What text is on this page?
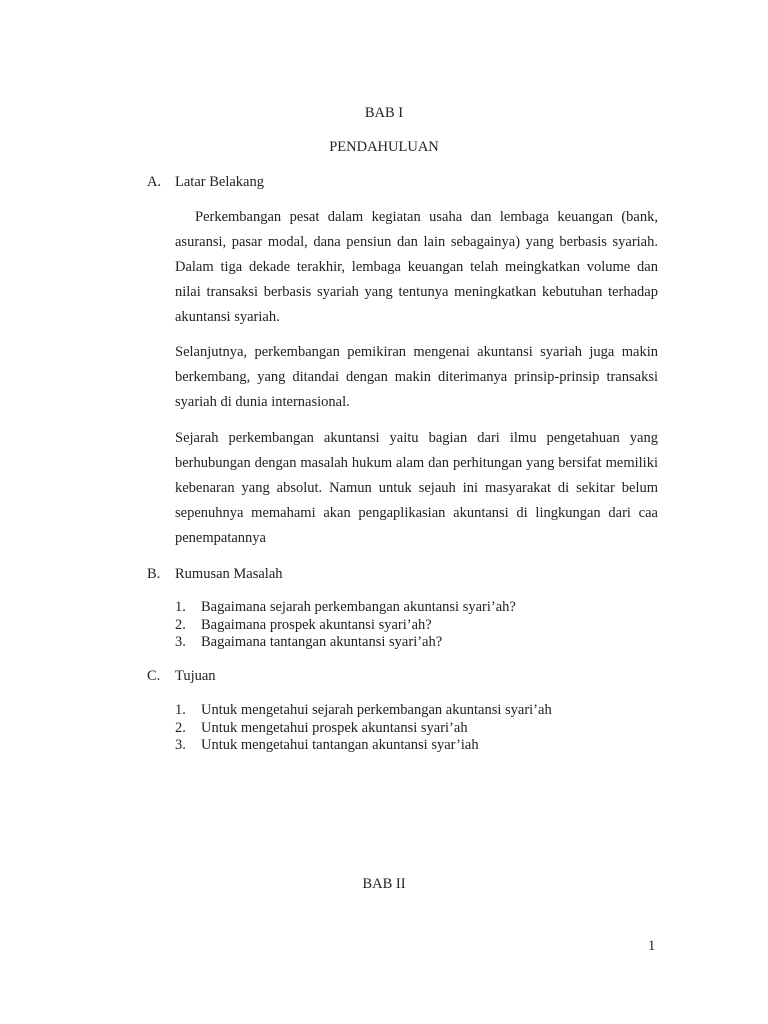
BAB I
PENDAHULUAN
A. Latar Belakang

Perkembangan pesat dalam kegiatan usaha dan lembaga keuangan (bank, asuransi, pasar modal, dana pensiun dan lain sebagainya) yang berbasis syariah. Dalam tiga dekade terakhir, lembaga keuangan telah meingkatkan volume dan nilai transaksi berbasis syariah yang tentunya meningkatkan kebutuhan terhadap akuntansi syariah.

Selanjutnya, perkembangan pemikiran mengenai akuntansi syariah juga makin berkembang, yang ditandai dengan makin diterimanya prinsip-prinsip transaksi syariah di dunia internasional.

Sejarah perkembangan akuntansi yaitu bagian dari ilmu pengetahuan yang berhubungan dengan masalah hukum alam dan perhitungan yang bersifat memiliki kebenaran yang absolut. Namun untuk sejauh ini masyarakat di sekitar belum sepenuhnya memahami akan pengaplikasian akuntansi di lingkungan dari caa penempatannya

B. Rumusan Masalah
1. Bagaimana sejarah perkembangan akuntansi syari’ah?
2. Bagaimana prospek akuntansi syari’ah?
3. Bagaimana tantangan akuntansi syari’ah?
C. Tujuan
1. Untuk mengetahui sejarah perkembangan akuntansi syari’ah
2. Untuk mengetahui prospek akuntansi syari’ah
3. Untuk mengetahui tantangan akuntansi syar’iah
BAB II
1
